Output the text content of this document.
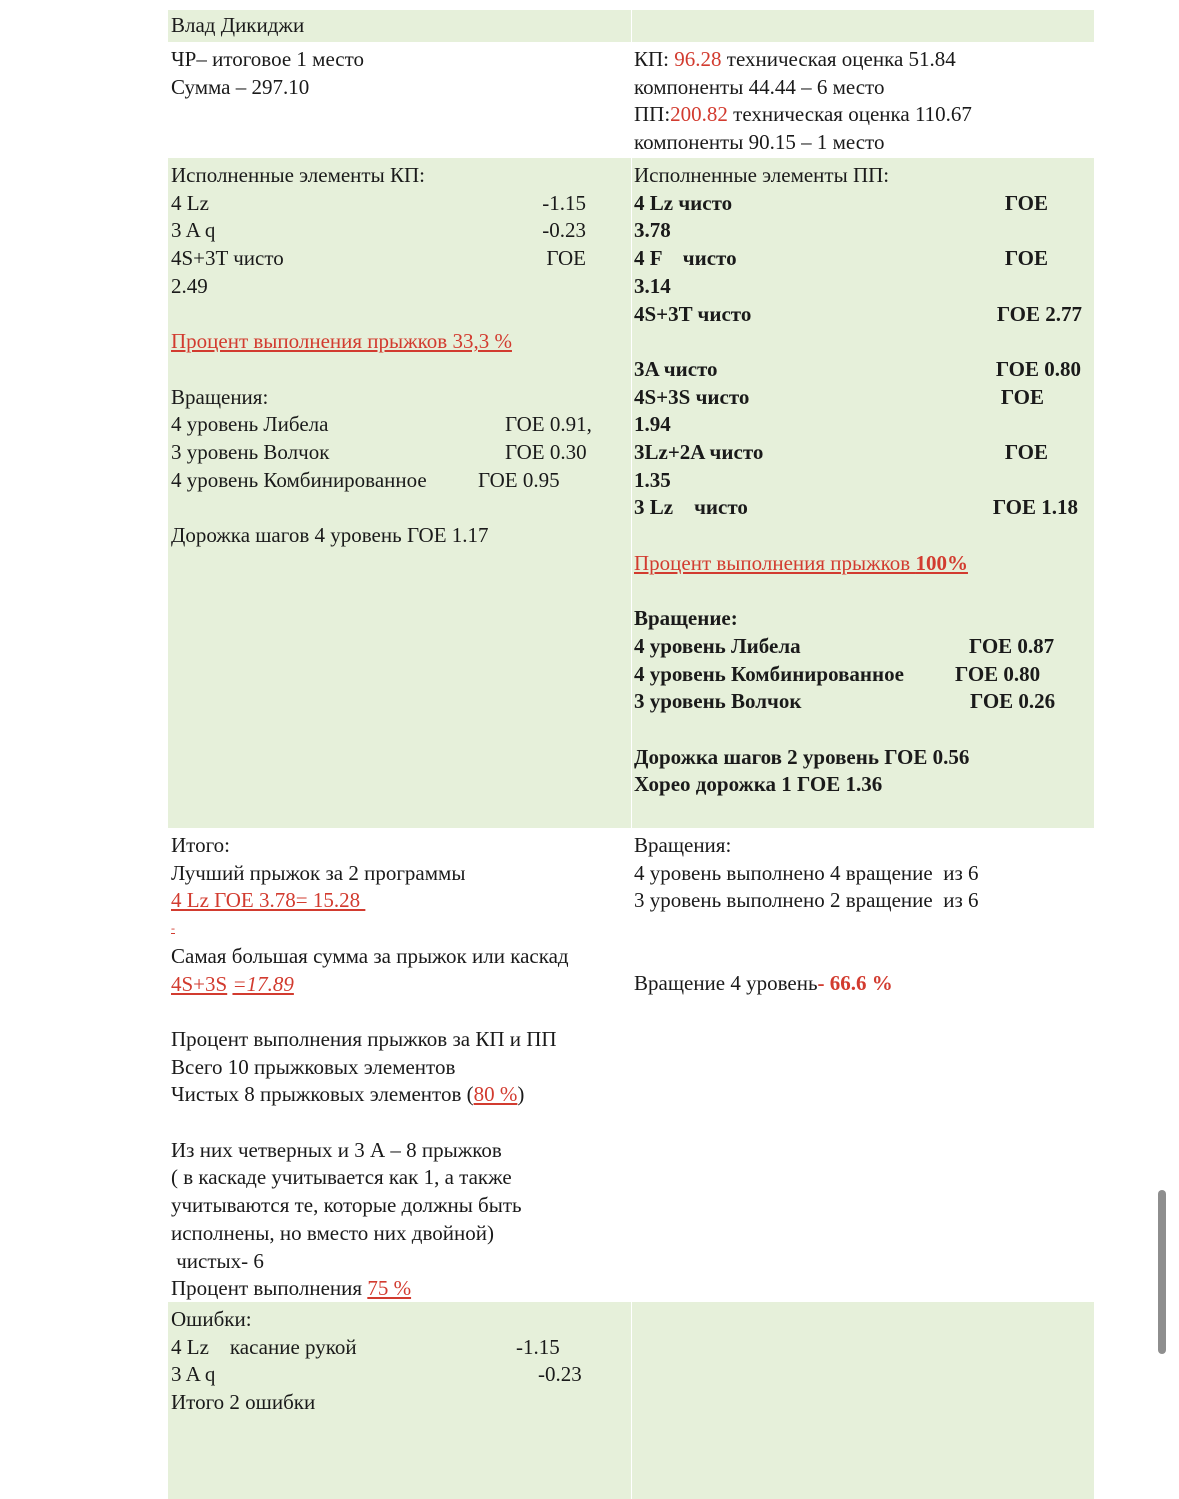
Влад Дикиджи
ЧР– итоговое 1 место
Сумма – 297.10
КП: 96.28 техническая оценка 51.84
компоненты 44.44 – 6 место
ПП:200.82 техническая оценка 110.67
компоненты 90.15 – 1 место
Исполненные элементы КП:
4 Lz	-1.15
3 A q	-0.23
4S+3T чисто	ГОЕ
2.49
Процент выполнения прыжков 33,3 %
Вращения:
4 уровень Либела	ГОЕ 0.91,
3 уровень Волчок	ГОЕ 0.30
4 уровень Комбинированное ГОЕ 0.95
Дорожка шагов 4 уровень ГОЕ 1.17
Исполненные элементы ПП:
4 Lz чисто	ГОЕ
3.78
4 F    чисто	ГОЕ
3.14
4S+3T чисто	ГОЕ 2.77
3A чисто	ГОЕ 0.80
4S+3S чисто	ГОЕ
1.94
3Lz+2A чисто	ГОЕ
1.35
3 Lz    чисто	ГОЕ 1.18
Процент выполнения прыжков 100%
Вращение:
4 уровень Либела	ГОЕ 0.87
4 уровень Комбинированное ГОЕ 0.80
3 уровень Волчок	ГОЕ 0.26
Дорожка шагов 2 уровень ГОЕ 0.56
Хорео дорожка 1 ГОЕ 1.36
Итого:
Лучший прыжок за 2 программы
4 Lz ГОЕ 3.78= 15.28
-
Самая большая сумма за прыжок или каскад
4S+3S =17.89
Процент выполнения прыжков за КП и ПП
Всего 10 прыжковых элементов
Чистых 8 прыжковых элементов (80 %)
Из них четверных и 3 А – 8 прыжков
( в каскаде учитывается как 1, а также
учитываются те, которые должны быть
исполнены, но вместо них двойной)
чистых- 6
Процент выполнения 75 %
Вращения:
4 уровень выполнено 4 вращение  из 6
3 уровень выполнено 2 вращение  из 6
Вращение 4 уровень- 66.6 %
Ошибки:
4 Lz    касание рукой	-1.15
3 A q	-0.23
Итого 2 ошибки
